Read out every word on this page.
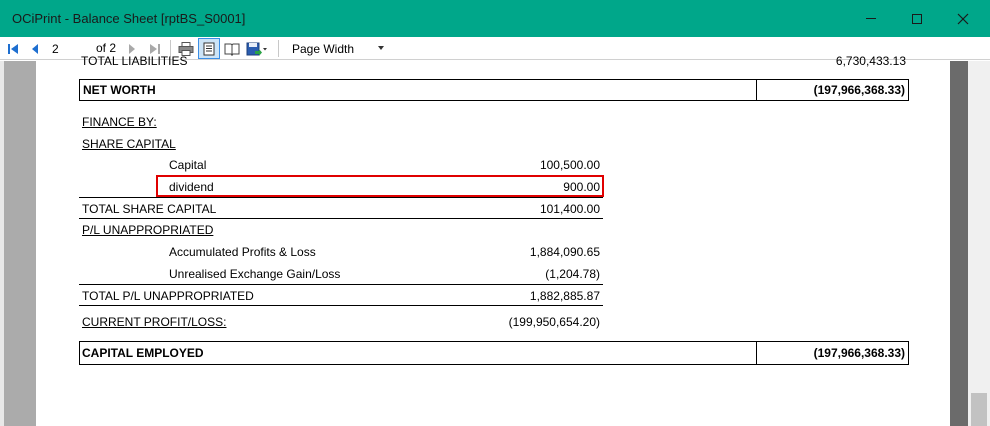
OCiPrint - Balance Sheet [rptBS_S0001]
2
of 2	Page Width
TOTAL LIABILITIES	6,730,433.13
NET WORTH	(197,966,368.33)
FINANCE BY:
SHARE CAPITAL
Capital	100,500.00
dividend	900.00
TOTAL SHARE CAPITAL	101,400.00
P/L UNAPPROPRIATED
Accumulated Profits & Loss	1,884,090.65
Unrealised Exchange Gain/Loss	(1,204.78)
TOTAL P/L UNAPPROPRIATED	1,882,885.87
CURRENT PROFIT/LOSS:	(199,950,654.20)
CAPITAL EMPLOYED	(197,966,368.33)
